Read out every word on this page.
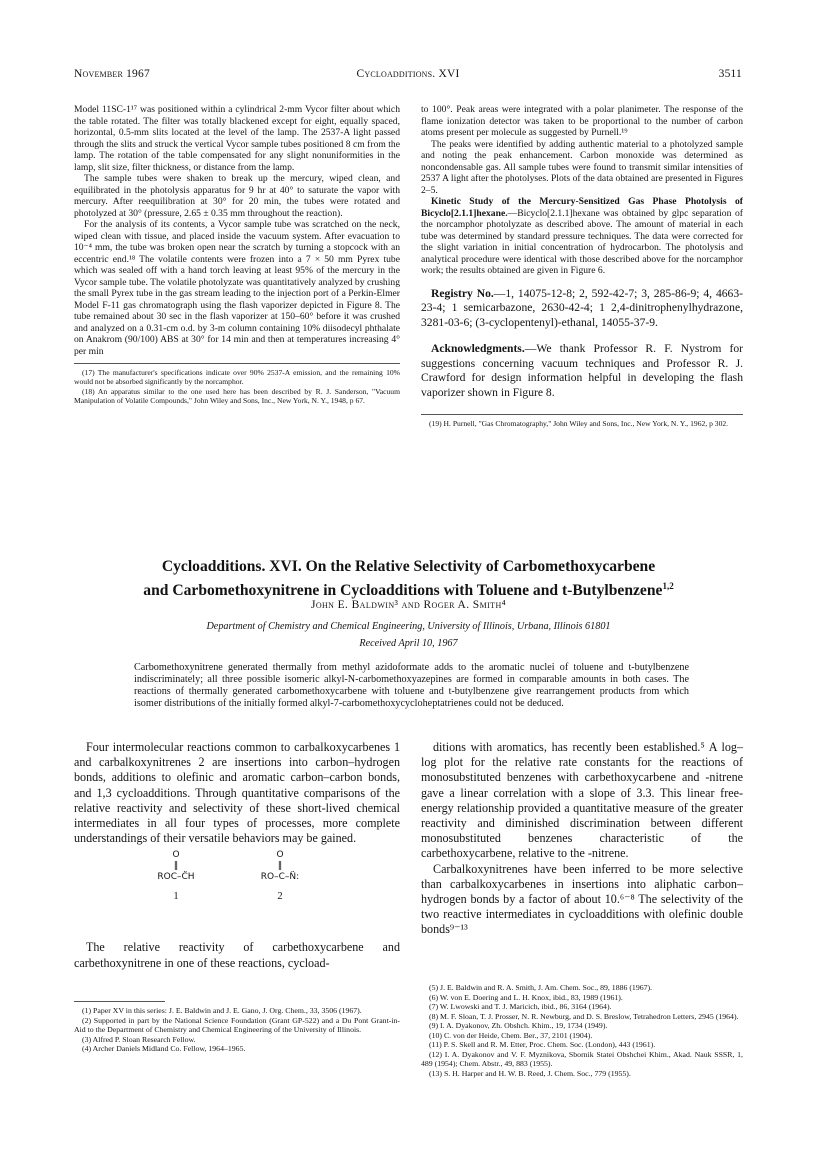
November 1967	Cycloadditions. XVI	3511

Model 11SC-1¹⁷ was positioned within a cylindrical 2-mm Vycor filter about which the table rotated. The filter was totally blackened except for eight, equally spaced, horizontal, 0.5-mm slits located at the level of the lamp. The 2537-A light passed through the slits and struck the vertical Vycor sample tubes positioned 8 cm from the lamp. The rotation of the table compensated for any slight nonuniformities in the lamp, slit size, filter thickness, or distance from the lamp.

The sample tubes were shaken to break up the mercury, wiped clean, and equilibrated in the photolysis apparatus for 9 hr at 40° to saturate the vapor with mercury. After reequilibration at 30° for 20 min, the tubes were rotated and photolyzed at 30° (pressure, 2.65 ± 0.35 mm throughout the reaction).

For the analysis of its contents, a Vycor sample tube was scratched on the neck, wiped clean with tissue, and placed inside the vacuum system. After evacuation to 10⁻⁴ mm, the tube was broken open near the scratch by turning a stopcock with an eccentric end.¹⁸ The volatile contents were frozen into a 7 × 50 mm Pyrex tube which was sealed off with a hand torch leaving at least 95% of the mercury in the Vycor sample tube. The volatile photolyzate was quantitatively analyzed by crushing the small Pyrex tube in the gas stream leading to the injection port of a Perkin-Elmer Model F-11 gas chromatograph using the flash vaporizer depicted in Figure 8. The tube remained about 30 sec in the flash vaporizer at 150–60° before it was crushed and analyzed on a 0.31-cm o.d. by 3-m column containing 10% diisodecyl phthalate on Anakrom (90/100) ABS at 30° for 14 min and then at temperatures increasing 4° per min

(17) The manufacturer's specifications indicate over 90% 2537-A emission, and the remaining 10% would not be absorbed significantly by the norcamphor.

(18) An apparatus similar to the one used here has been described by R. J. Sanderson, "Vacuum Manipulation of Volatile Compounds," John Wiley and Sons, Inc., New York, N. Y., 1948, p 67.

to 100°. Peak areas were integrated with a polar planimeter. The response of the flame ionization detector was taken to be proportional to the number of carbon atoms present per molecule as suggested by Purnell.¹⁹

The peaks were identified by adding authentic material to a photolyzed sample and noting the peak enhancement. Carbon monoxide was determined as noncondensable gas. All sample tubes were found to transmit similar intensities of 2537 A light after the photolyses. Plots of the data obtained are presented in Figures 2–5.

Kinetic Study of the Mercury-Sensitized Gas Phase Photolysis of Bicyclo[2.1.1]hexane.—Bicyclo[2.1.1]hexane was obtained by glpc separation of the norcamphor photolyzate as described above. The amount of material in each tube was determined by standard pressure techniques. The data were corrected for the slight variation in initial concentration of hydrocarbon. The photolysis and analytical procedure were identical with those described above for the norcamphor work; the results obtained are given in Figure 6.

Registry No.—1, 14075-12-8; 2, 592-42-7; 3, 285-86-9; 4, 4663-23-4; 1 semicarbazone, 2630-42-4; 1 2,4-dinitrophenylhydrazone, 3281-03-6; (3-cyclopentenyl)-ethanal, 14055-37-9.

Acknowledgments.—We thank Professor R. F. Nystrom for suggestions concerning vacuum techniques and Professor R. J. Crawford for design information helpful in developing the flash vaporizer shown in Figure 8.

(19) H. Purnell, "Gas Chromatography," John Wiley and Sons, Inc., New York, N. Y., 1962, p 302.

Cycloadditions. XVI. On the Relative Selectivity of Carbomethoxycarbene
and Carbomethoxynitrene in Cycloadditions with Toluene and t-Butylbenzene$^{1,2}$
John E. Baldwin³ and Roger A. Smith⁴
Department of Chemistry and Chemical Engineering, University of Illinois, Urbana, Illinois 61801
Received April 10, 1967
Carbomethoxynitrene generated thermally from methyl azidoformate adds to the aromatic nuclei of toluene and t-butylbenzene indiscriminately; all three possible isomeric alkyl-N-carbomethoxyazepines are formed in comparable amounts in both cases. The reactions of thermally generated carbomethoxycarbene with toluene and t-butylbenzene give rearrangement products from which isomer distributions of the initially formed alkyl-7-carbomethoxycycloheptatrienes could not be deduced.

Four intermolecular reactions common to carbalkoxycarbenes 1 and carbalkoxynitrenes 2 are insertions into carbon–hydrogen bonds, additions to olefinic and aromatic carbon–carbon bonds, and 1,3 cycloadditions. Through quantitative comparisons of the relative reactivity and selectivity of these short-lived chemical intermediates in all four types of processes, more complete understandings of their versatile behaviors may be gained.

O
‖
ROC–C̈H
1
O
‖
RO–C–N̈:
2

The relative reactivity of carbethoxycarbene and carbethoxynitrene in one of these reactions, cycload-

ditions with aromatics, has recently been established.⁵ A log–log plot for the relative rate constants for the reactions of monosubstituted benzenes with carbethoxycarbene and -nitrene gave a linear correlation with a slope of 3.3. This linear free-energy relationship provided a quantitative measure of the greater reactivity and diminished discrimination between different monosubstituted benzenes characteristic of the carbethoxycarbene, relative to the -nitrene.

Carbalkoxynitrenes have been inferred to be more selective than carbalkoxycarbenes in insertions into aliphatic carbon–hydrogen bonds by a factor of about 10.⁶⁻⁸ The selectivity of the two reactive intermediates in cycloadditions with olefinic double bonds⁹⁻¹³

(1) Paper XV in this series: J. E. Baldwin and J. E. Gano, J. Org. Chem., 33, 3506 (1967).

(2) Supported in part by the National Science Foundation (Grant GP-522) and a Du Pont Grant-in-Aid to the Department of Chemistry and Chemical Engineering of the University of Illinois.

(3) Alfred P. Sloan Research Fellow.

(4) Archer Daniels Midland Co. Fellow, 1964–1965.

(5) J. E. Baldwin and R. A. Smith, J. Am. Chem. Soc., 89, 1886 (1967).

(6) W. von E. Doering and L. H. Knox, ibid., 83, 1989 (1961).

(7) W. Lwowski and T. J. Maricich, ibid., 86, 3164 (1964).

(8) M. F. Sloan, T. J. Prosser, N. R. Newburg, and D. S. Breslow, Tetrahedron Letters, 2945 (1964).

(9) I. A. Dyakonov, Zh. Obshch. Khim., 19, 1734 (1949).

(10) C. von der Heide, Chem. Ber., 37, 2101 (1904).

(11) P. S. Skell and R. M. Etter, Proc. Chem. Soc. (London), 443 (1961).

(12) I. A. Dyakonov and V. F. Myznikova, Sbornik Statei Obshchei Khim., Akad. Nauk SSSR, 1, 489 (1954); Chem. Abstr., 49, 883 (1955).

(13) S. H. Harper and H. W. B. Reed, J. Chem. Soc., 779 (1955).
